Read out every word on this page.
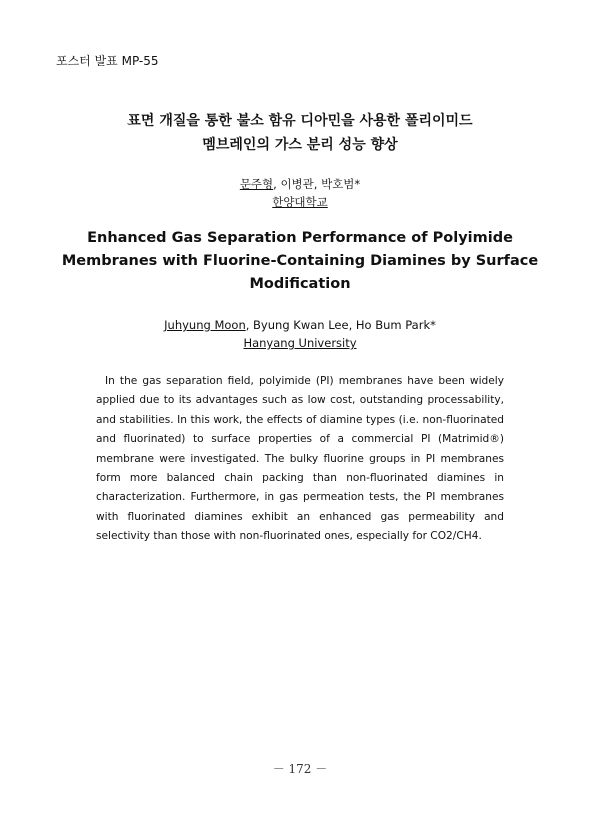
포스터 발표 MP-55
표면 개질을 통한 불소 함유 디아민을 사용한 폴리이미드
멤브레인의 가스 분리 성능 향상
문주형, 이병관, 박호범*
한양대학교
Enhanced Gas Separation Performance of Polyimide
Membranes with Fluorine-Containing Diamines by Surface
Modification
Juhyung Moon, Byung Kwan Lee, Ho Bum Park*
Hanyang University
In the gas separation field, polyimide (PI) membranes have been widely applied due to its advantages such as low cost, outstanding processability, and stabilities. In this work, the effects of diamine types (i.e. non-fluorinated and fluorinated) to surface properties of a commercial PI (Matrimid®) membrane were investigated. The bulky fluorine groups in PI membranes form more balanced chain packing than non-fluorinated diamines in characterization. Furthermore, in gas permeation tests, the PI membranes with fluorinated diamines exhibit an enhanced gas permeability and selectivity than those with non-fluorinated ones, especially for CO2/CH4.
－ 172 －
